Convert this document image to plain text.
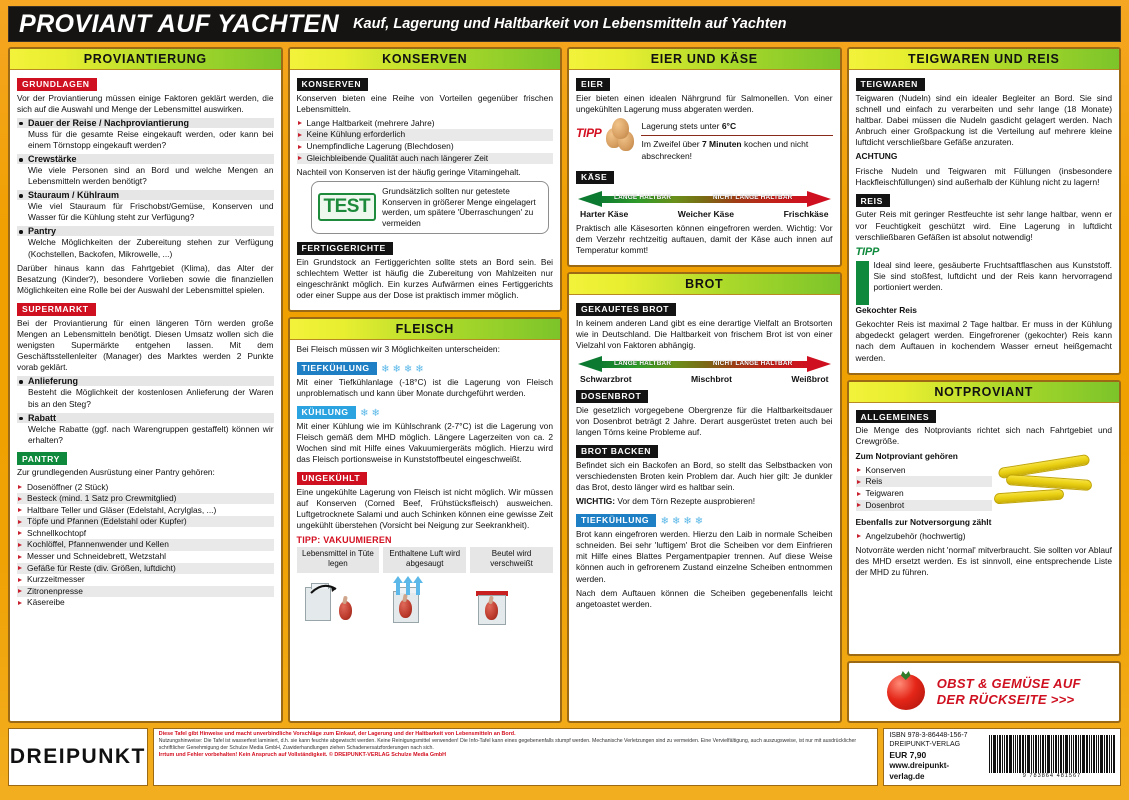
PROVIANT AUF YACHTEN Kauf, Lagerung und Haltbarkeit von Lebensmitteln auf Yachten
PROVIANTIERUNG
GRUNDLAGEN

Vor der Proviantierung müssen einige Faktoren geklärt werden, die sich auf die Auswahl und Menge der Lebensmittel auswirken.

Dauer der Reise / Nachproviantierung
Muss für die gesamte Reise eingekauft werden, oder kann bei einem Törnstopp eingekauft werden?
Crewstärke
Wie viele Personen sind an Bord und welche Mengen an Lebensmitteln werden benötigt?
Stauraum / Kühlraum
Wie viel Stauraum für Frischobst/Gemüse, Konserven und Wasser für die Kühlung steht zur Verfügung?
Pantry
Welche Möglichkeiten der Zubereitung stehen zur Verfügung (Kochstellen, Backofen, Mikrowelle, ...)

Darüber hinaus kann das Fahrtgebiet (Klima), das Alter der Besatzung (Kinder?), besondere Vorlieben sowie die finanziellen Möglichkeiten eine Rolle bei der Auswahl der Lebensmittel spielen.

SUPERMARKT

Bei der Proviantierung für einen längeren Törn werden große Mengen an Lebensmitteln benötigt. Diesen Umsatz wollen sich die wenigsten Supermärkte entgehen lassen. Mit dem Geschäftsstellenleiter (Manager) des Marktes werden 2 Punkte vorab geklärt.

Anlieferung
Besteht die Möglichkeit der kostenlosen Anlieferung der Waren bis an den Steg?
Rabatt
Welche Rabatte (ggf. nach Warengruppen gestaffelt) können wir erhalten?
PANTRY

Zur grundlegenden Ausrüstung einer Pantry gehören:

Dosenöffner (2 Stück)
Besteck (mind. 1 Satz pro Crewmitglied)
Haltbare Teller und Gläser (Edelstahl, Acrylglas, ...)
Töpfe und Pfannen (Edelstahl oder Kupfer)
Schnellkochtopf
Kochlöffel, Pfannenwender und Kellen
Messer und Schneidebrett, Wetzstahl
Gefäße für Reste (div. Größen, luftdicht)
Kurzzeitmesser
Zitronenpresse
Käsereibe
KONSERVEN
KONSERVEN

Konserven bieten eine Reihe von Vorteilen gegenüber frischen Lebensmitteln.

Lange Haltbarkeit (mehrere Jahre)
Keine Kühlung erforderlich
Unempfindliche Lagerung (Blechdosen)
Gleichbleibende Qualität auch nach längerer Zeit

Nachteil von Konserven ist der häufig geringe Vitamingehalt.

TEST

Grundsätzlich sollten nur getestete Konserven in größerer Menge eingelagert werden, um spätere 'Überraschungen' zu vermeiden

FERTIGGERICHTE

Ein Grundstock an Fertiggerichten sollte stets an Bord sein. Bei schlechtem Wetter ist häufig die Zubereitung von Mahlzeiten nur eingeschränkt möglich. Ein kurzes Aufwärmen eines Fertiggerichts oder einer Suppe aus der Dose ist praktisch immer möglich.

FLEISCH

Bei Fleisch müssen wir 3 Möglichkeiten unterscheiden:

TIEFKÜHLUNG ❄❄❄❄

Mit einer Tiefkühlanlage (-18°C) ist die Lagerung von Fleisch unproblematisch und kann über Monate durchgeführt werden.

KÜHLUNG ❄❄

Mit einer Kühlung wie im Kühlschrank (2-7°C) ist die Lagerung von Fleisch gemäß dem MHD möglich. Längere Lagerzeiten von ca. 2 Wochen sind mit Hilfe eines Vakuumiergeräts möglich. Hierzu wird das Fleisch portionsweise in Kunststoffbeutel eingeschweißt.

UNGEKÜHLT

Eine ungekühlte Lagerung von Fleisch ist nicht möglich. Wir müssen auf Konserven (Corned Beef, Frühstücksfleisch) ausweichen. Luftgetrocknete Salami und auch Schinken können eine gewisse Zeit ungekühlt überstehen (Vorsicht bei Neigung zur Seekrankheit).

TIPP: VAKUUMIEREN
Lebensmittel in Tüte legen
Enthaltene Luft wird abgesaugt
Beutel wird verschweißt
EIER UND KÄSE
EIER

Eier bieten einen idealen Nährgrund für Salmonellen. Von einer ungekühlten Lagerung muss abgeraten werden.

TIPP	Lagerung stets unter 6°C
Im Zweifel über 7 Minuten kochen und nicht abschrecken!
KÄSE
LANGE HALTBAR	NICHT LANGE HALTBAR
Harter Käse	Weicher Käse	Frischkäse

Praktisch alle Käsesorten können eingefroren werden. Wichtig: Vor dem Verzehr rechtzeitig auftauen, damit der Käse auch innen auf Temperatur kommt!

BROT
GEKAUFTES BROT

In keinem anderen Land gibt es eine derartige Vielfalt an Brotsorten wie in Deutschland. Die Haltbarkeit von frischem Brot ist von einer Vielzahl von Faktoren abhängig.

LANGE HALTBAR	NICHT LANGE HALTBAR
Schwarzbrot	Mischbrot	Weißbrot
DOSENBROT

Die gesetzlich vorgegebene Obergrenze für die Haltbarkeitsdauer von Dosenbrot beträgt 2 Jahre. Derart ausgerüstet treten auch bei langen Törns keine Probleme auf.

BROT BACKEN

Befindet sich ein Backofen an Bord, so stellt das Selbstbacken von verschiedensten Broten kein Problem dar. Auch hier gilt: Je dunkler das Brot, desto länger wird es haltbar sein.

WICHTIG: Vor dem Törn Rezepte ausprobieren!

TIEFKÜHLUNG ❄❄❄❄

Brot kann eingefroren werden. Hierzu den Laib in normale Scheiben schneiden. Bei sehr 'luftigem' Brot die Scheiben vor dem Einfrieren mit Hilfe eines Blattes Pergamentpapier trennen. Auf diese Weise können auch in gefrorenem Zustand einzelne Scheiben entnommen werden.

Nach dem Auftauen können die Scheiben gegebenenfalls leicht angetoastet werden.

TEIGWAREN UND REIS
TEIGWAREN

Teigwaren (Nudeln) sind ein idealer Begleiter an Bord. Sie sind schnell und einfach zu verarbeiten und sehr lange (18 Monate) haltbar. Dabei müssen die Nudeln gasdicht gelagert werden. Nach Anbruch einer Großpackung ist die Verteilung auf mehrere kleine luftdicht verschließbare Gefäße anzuraten.

ACHTUNG

Frische Nudeln und Teigwaren mit Füllungen (insbesondere Hackfleischfüllungen) sind außerhalb der Kühlung nicht zu lagern!

REIS

Guter Reis mit geringer Restfeuchte ist sehr lange haltbar, wenn er vor Feuchtigkeit geschützt wird. Eine Lagerung in luftdicht verschließbaren Gefäßen ist absolut notwendig!

TIPP

Ideal sind leere, gesäuberte Fruchtsaftflaschen aus Kunststoff. Sie sind stoßfest, luftdicht und der Reis kann hervorragend portioniert werden.

Gekochter Reis

Gekochter Reis ist maximal 2 Tage haltbar. Er muss in der Kühlung abgedeckt gelagert werden. Eingefrorener (gekochter) Reis kann nach dem Auftauen in kochendem Wasser erneut heißgemacht werden.

NOTPROVIANT
ALLGEMEINES

Die Menge des Notproviants richtet sich nach Fahrtgebiet und Crewgröße.

Zum Notproviant gehören

Konserven
Reis
Teigwaren
Dosenbrot

Ebenfalls zur Notversorgung zählt

Angelzubehör (hochwertig)

Notvorräte werden nicht 'normal' mitverbraucht. Sie sollten vor Ablauf des MHD ersetzt werden. Es ist sinnvoll, eine entsprechende Liste der MHD zu führen.

OBST & GEMÜSE AUF
DER RÜCKSEITE >>>
DREIPUNKT
Diese Tafel gibt Hinweise und macht unverbindliche Vorschläge zum Einkauf, der Lagerung und der Haltbarkeit von Lebensmitteln an Bord.
Nutzungshinweise: Die Tafel ist wasserfest laminiert, d.h. sie kann feuchte abgewischt werden. Keine Reinigungsmittel verwenden! Die Info-Tafel kann eines gegebenenfalls stumpf werden. Mechanische Verletzungen sind zu vermeiden. Eine Vervielfältigung, auch auszugsweise, ist nur mit ausdrücklicher schriftlicher Genehmigung der Schulze Media GmbH, Zuwiderhandlungen ziehen Schadenersatzforderungen nach sich.
Irrtum und Fehler vorbehalten! Kein Anspruch auf Vollständigkeit. © DREIPUNKT-VERLAG Schulze Media GmbH
ISBN 978-3-86448-156-7
DREIPUNKT-VERLAG
EUR 7,90
www.dreipunkt-verlag.de	9 783864 481567
